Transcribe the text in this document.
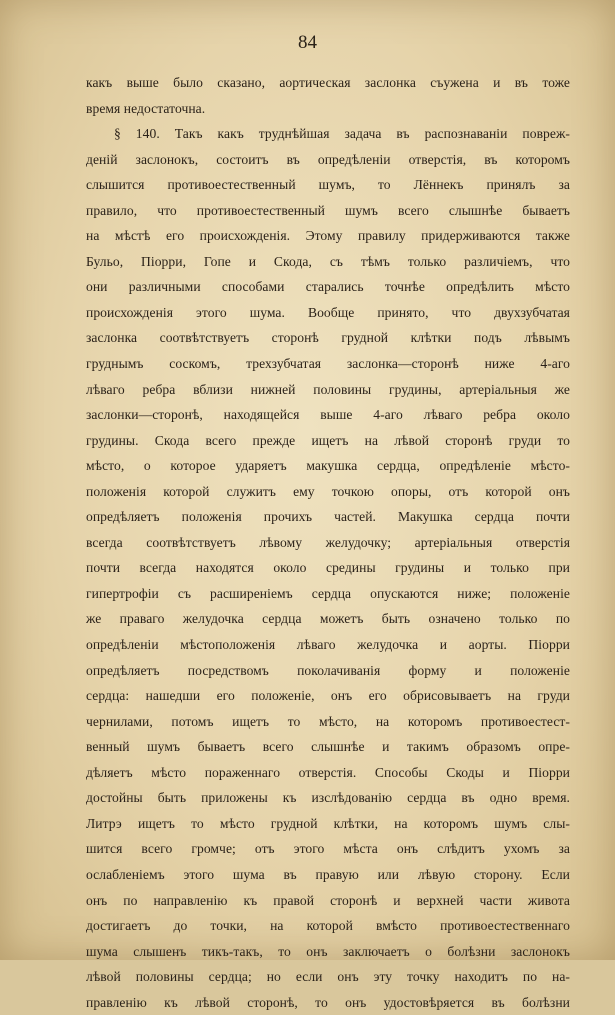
84
какъ выше было сказано, аортическая заслонка съужена и въ тоже
время недостаточна.
§ 140. Такъ какъ труднѣйшая задача въ распознаваніи повреж-
деній заслонокъ, состоитъ въ опредѣленіи отверстія, въ которомъ
слышится противоестественный шумъ, то Лённекъ принялъ за
правило, что противоестественный шумъ всего слышнѣе бываетъ
на мѣстѣ его происхожденія. Этому правилу придерживаются также
Бульо, Піорри, Гопе и Скода, съ тѣмъ только различіемъ, что
они различными способами старались точнѣе опредѣлить мѣсто
происхожденія этого шума. Вообще принято, что двухзубчатая
заслонка соотвѣтствуетъ сторонѣ грудной клѣтки подъ лѣвымъ
груднымъ соскомъ, трехзубчатая заслонка—сторонѣ ниже 4-аго
лѣваго ребра вблизи нижней половины грудины, артеріальныя же
заслонки—сторонѣ, находящейся выше 4-аго лѣваго ребра около
грудины. Скода всего прежде ищетъ на лѣвой сторонѣ груди то
мѣсто, о которое ударяетъ макушка сердца, опредѣленіе мѣсто-
положенія которой служитъ ему точкою опоры, отъ которой онъ
опредѣляетъ положенія прочихъ частей. Макушка сердца почти
всегда соотвѣтствуетъ лѣвому желудочку; артеріальныя отверстія
почти всегда находятся около средины грудины и только при
гипертрофіи съ расширеніемъ сердца опускаются ниже; положеніе
же праваго желудочка сердца можетъ быть означено только по
опредѣленіи мѣстоположенія лѣваго желудочка и аорты. Піорри
опредѣляетъ посредствомъ поколачиванія форму и положеніе
сердца: нашедши его положеніе, онъ его обрисовываетъ на груди
чернилами, потомъ ищетъ то мѣсто, на которомъ противоестест-
венный шумъ бываетъ всего слышнѣе и такимъ образомъ опре-
дѣляетъ мѣсто пораженнаго отверстія. Способы Скоды и Піорри
достойны быть приложены къ изслѣдованію сердца въ одно время.
Литрэ ищетъ то мѣсто грудной клѣтки, на которомъ шумъ слы-
шится всего громче; отъ этого мѣста онъ слѣдитъ ухомъ за
ослабленіемъ этого шума въ правую или лѣвую сторону. Если
онъ по направленію къ правой сторонѣ и верхней части живота
достигаетъ до точки, на которой вмѣсто противоестественнаго
шума слышенъ тикъ-такъ, то онъ заключаетъ о болѣзни заслонокъ
лѣвой половины сердца; но если онъ эту точку находитъ по на-
правленію къ лѣвой сторонѣ, то онъ удостовѣряется въ болѣзни
